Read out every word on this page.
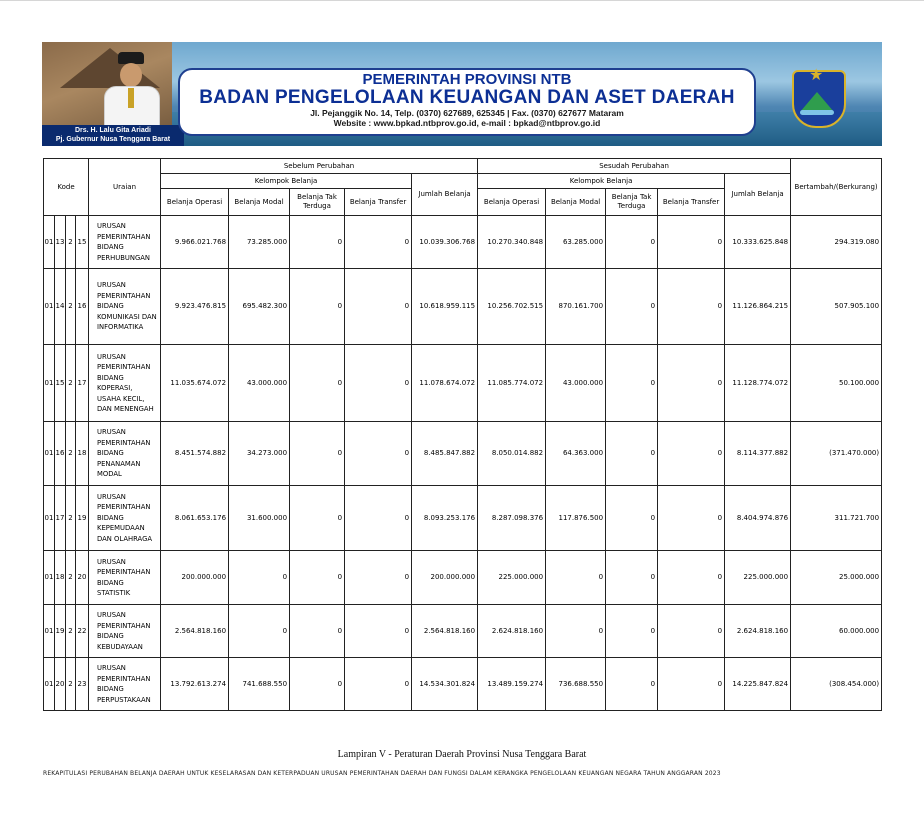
Drs. H. Lalu Gita Ariadi
Pj. Gubernur Nusa Tenggara Barat
PEMERINTAH PROVINSI NTB
BADAN PENGELOLAAN KEUANGAN DAN ASET DAERAH
Jl. Pejanggik No. 14, Telp. (0370) 627689, 625345 | Fax. (0370) 627677 Mataram
Website : www.bpkad.ntbprov.go.id, e-mail : bpkad@ntbprov.go.id
★
Kode				Uraian	Sebelum Perubahan					Sesudah Perubahan					Bertambah/(Berkurang)
					Kelompok Belanja				Jumlah Belanja	Kelompok Belanja				Jumlah Belanja	
					Belanja Operasi	Belanja Modal	Belanja Tak Terduga	Belanja Transfer		Belanja Operasi	Belanja Modal	Belanja Tak Terduga	Belanja Transfer		
01	13	2	15	URUSAN PEMERINTAHAN BIDANG PERHUBUNGAN	9.966.021.768	73.285.000	0	0	10.039.306.768	10.270.340.848	63.285.000	0	0	10.333.625.848	294.319.080
01	14	2	16	URUSAN PEMERINTAHAN BIDANG KOMUNIKASI DAN INFORMATIKA	9.923.476.815	695.482.300	0	0	10.618.959.115	10.256.702.515	870.161.700	0	0	11.126.864.215	507.905.100
01	15	2	17	URUSAN PEMERINTAHAN BIDANG KOPERASI, USAHA KECIL, DAN MENENGAH	11.035.674.072	43.000.000	0	0	11.078.674.072	11.085.774.072	43.000.000	0	0	11.128.774.072	50.100.000
01	16	2	18	URUSAN PEMERINTAHAN BIDANG PENANAMAN MODAL	8.451.574.882	34.273.000	0	0	8.485.847.882	8.050.014.882	64.363.000	0	0	8.114.377.882	(371.470.000)
01	17	2	19	URUSAN PEMERINTAHAN BIDANG KEPEMUDAAN DAN OLAHRAGA	8.061.653.176	31.600.000	0	0	8.093.253.176	8.287.098.376	117.876.500	0	0	8.404.974.876	311.721.700
01	18	2	20	URUSAN PEMERINTAHAN BIDANG STATISTIK	200.000.000	0	0	0	200.000.000	225.000.000	0	0	0	225.000.000	25.000.000
01	19	2	22	URUSAN PEMERINTAHAN BIDANG KEBUDAYAAN	2.564.818.160	0	0	0	2.564.818.160	2.624.818.160	0	0	0	2.624.818.160	60.000.000
01	20	2	23	URUSAN PEMERINTAHAN BIDANG PERPUSTAKAAN	13.792.613.274	741.688.550	0	0	14.534.301.824	13.489.159.274	736.688.550	0	0	14.225.847.824	(308.454.000)
Lampiran V - Peraturan Daerah Provinsi Nusa Tenggara Barat
REKAPITULASI PERUBAHAN BELANJA DAERAH UNTUK KESELARASAN DAN KETERPADUAN URUSAN PEMERINTAHAN DAERAH DAN FUNGSI DALAM KERANGKA PENGELOLAAN KEUANGAN NEGARA TAHUN ANGGARAN 2023
